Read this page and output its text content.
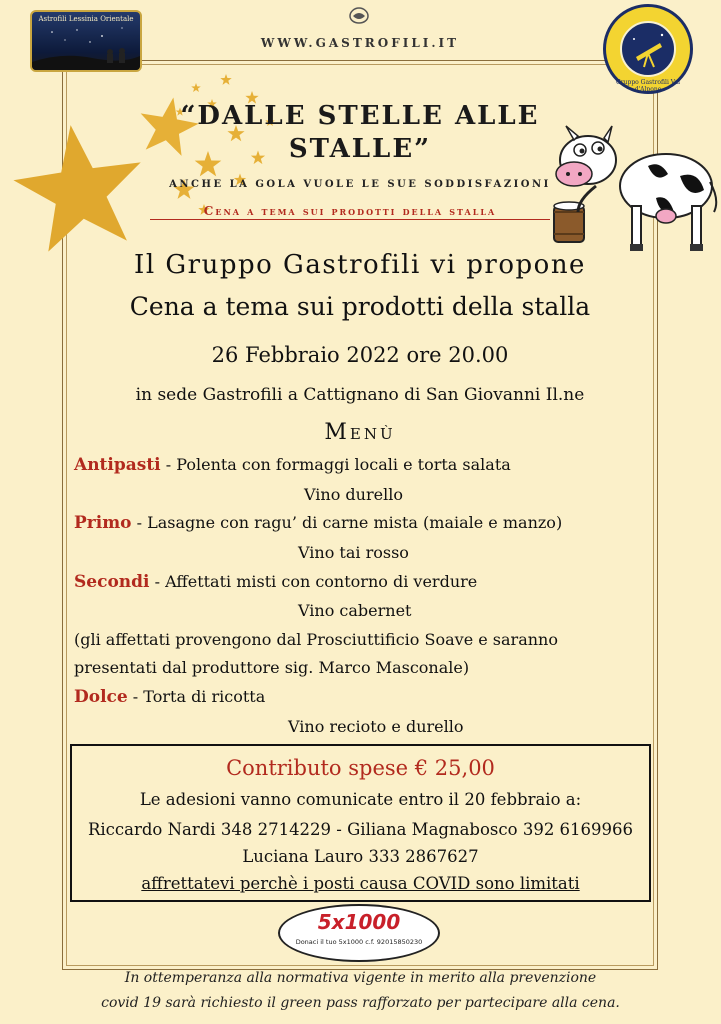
Astrofili Lessinia Orientale
WWW.GASTROFILI.IT
Gruppo Gastrofili Val d'Alpone
“DALLE STELLE ALLE STALLE”
ANCHE LA GOLA VUOLE LE SUE SODDISFAZIONI
Cena a tema sui prodotti della stalla
Il Gruppo Gastrofili vi propone
Cena a tema sui prodotti della stalla
26 Febbraio 2022 ore 20.00
in sede Gastrofili a Cattignano di San Giovanni Il.ne
Menù
Antipasti - Polenta con formaggi locali e torta salata
Vino durello
Primo - Lasagne con ragu’ di carne mista (maiale e manzo)
Vino tai rosso
Secondi - Affettati misti con contorno di verdure
Vino cabernet
(gli affettati provengono dal Prosciuttificio Soave e saranno
presentati dal produttore sig. Marco Masconale)
Dolce - Torta di ricotta
Vino recioto e durello
Contributo spese € 25,00
Le adesioni vanno comunicate entro il 20 febbraio a:
Riccardo Nardi 348 2714229 - Giliana Magnabosco 392 6169966
Luciana Lauro 333 2867627
affrettatevi perchè i posti causa COVID sono limitati
5x1000
Donaci il tuo 5x1000 c.f. 92015850230
In ottemperanza alla normativa vigente in merito alla prevenzione
covid 19 sarà richiesto il green pass rafforzato per partecipare alla cena.
